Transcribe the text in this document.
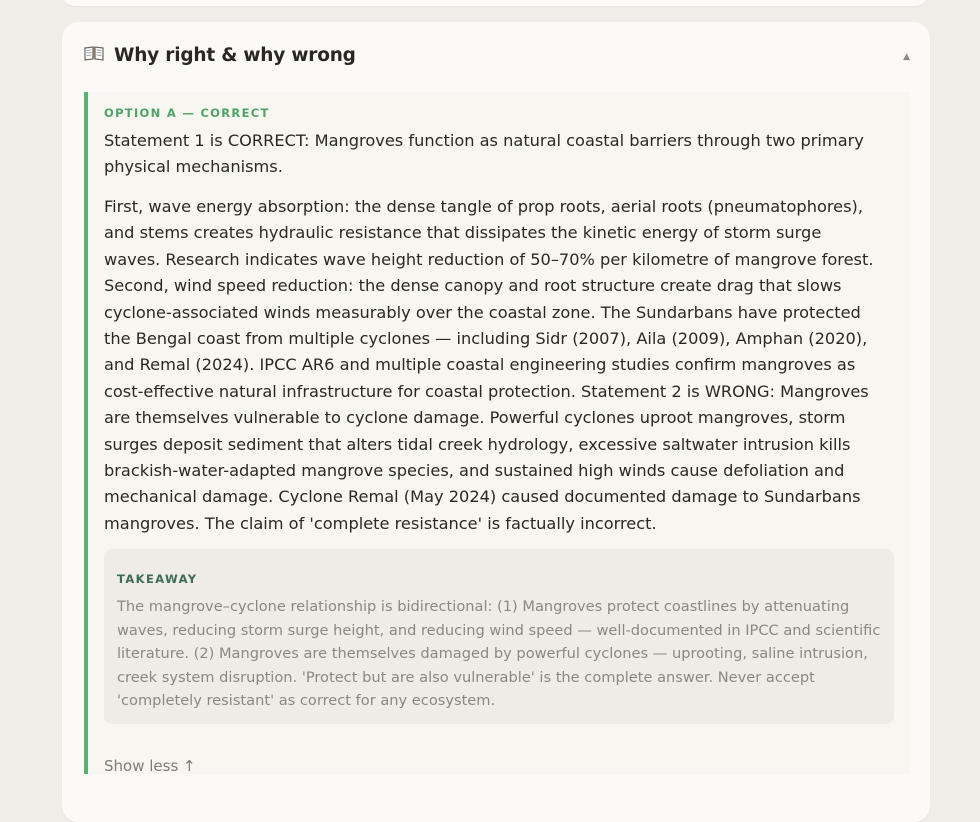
Why right & why wrong	▲
OPTION A — CORRECT
Statement 1 is CORRECT: Mangroves function as natural coastal barriers through two primary physical mechanisms.
First, wave energy absorption: the dense tangle of prop roots, aerial roots (pneumatophores), and stems creates hydraulic resistance that dissipates the kinetic energy of storm surge waves. Research indicates wave height reduction of 50–70% per kilometre of mangrove forest. Second, wind speed reduction: the dense canopy and root structure create drag that slows cyclone-associated winds measurably over the coastal zone. The Sundarbans have protected the Bengal coast from multiple cyclones — including Sidr (2007), Aila (2009), Amphan (2020), and Remal (2024). IPCC AR6 and multiple coastal engineering studies confirm mangroves as cost-effective natural infrastructure for coastal protection. Statement 2 is WRONG: Mangroves are themselves vulnerable to cyclone damage. Powerful cyclones uproot mangroves, storm surges deposit sediment that alters tidal creek hydrology, excessive saltwater intrusion kills brackish-water-adapted mangrove species, and sustained high winds cause defoliation and mechanical damage. Cyclone Remal (May 2024) caused documented damage to Sundarbans mangroves. The claim of 'complete resistance' is factually incorrect.
TAKEAWAY
The mangrove–cyclone relationship is bidirectional: (1) Mangroves protect coastlines by attenuating waves, reducing storm surge height, and reducing wind speed — well-documented in IPCC and scientific literature. (2) Mangroves are themselves damaged by powerful cyclones — uprooting, saline intrusion, creek system disruption. 'Protect but are also vulnerable' is the complete answer. Never accept 'completely resistant' as correct for any ecosystem.
Show less ↑
